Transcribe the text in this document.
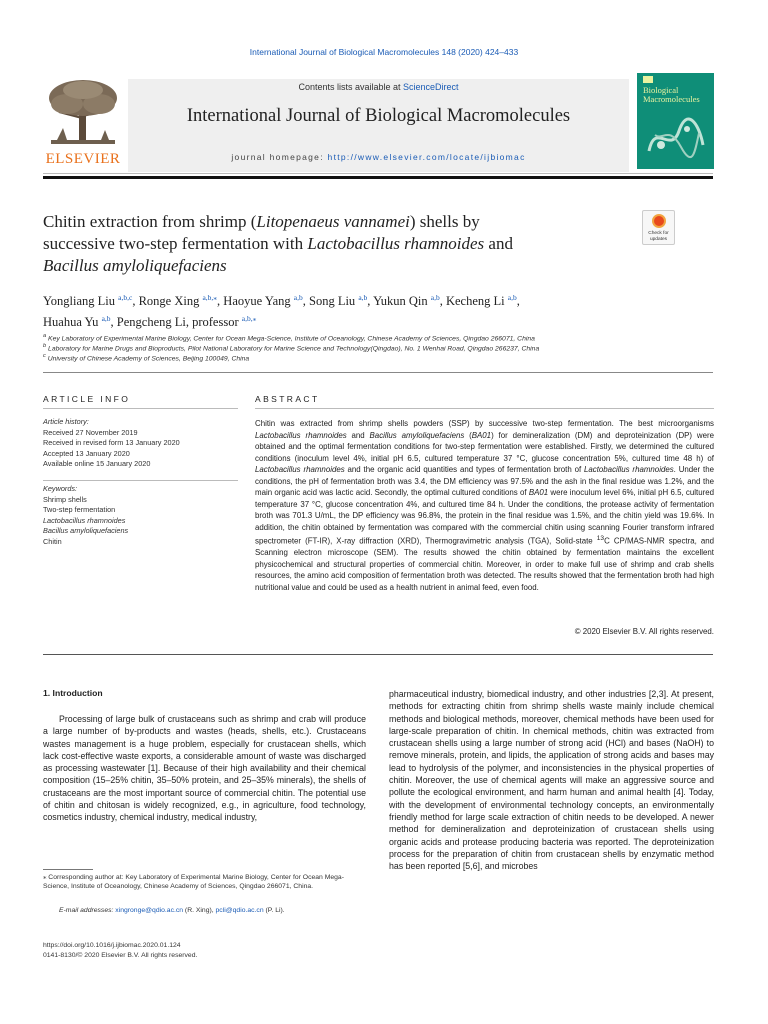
International Journal of Biological Macromolecules 148 (2020) 424–433
ELSEVIER
Contents lists available at ScienceDirect
International Journal of Biological Macromolecules
journal homepage: http://www.elsevier.com/locate/ijbiomac
Biological Macromolecules
Chitin extraction from shrimp (Litopenaeus vannamei) shells by
successive two-step fermentation with Lactobacillus rhamnoides and
Bacillus amyloliquefaciens
Check for
updates
Yongliang Liu $^{a,b,c}$, Ronge Xing $^{a,b,⁎}$, Haoyue Yang $^{a,b}$, Song Liu $^{a,b}$, Yukun Qin $^{a,b}$, Kecheng Li $^{a,b}$,
Huahua Yu $^{a,b}$, Pengcheng Li, professor $^{a,b,⁎}$
$^a$ Key Laboratory of Experimental Marine Biology, Center for Ocean Mega-Science, Institute of Oceanology, Chinese Academy of Sciences, Qingdao 266071, China
$^b$ Laboratory for Marine Drugs and Bioproducts, Pilot National Laboratory for Marine Science and Technology(Qingdao), No. 1 Wenhai Road, Qingdao 266237, China
$^c$ University of Chinese Academy of Sciences, Beijing 100049, China
ARTICLE INFO
Article history:
Received 27 November 2019
Received in revised form 13 January 2020
Accepted 13 January 2020
Available online 15 January 2020
Keywords:
Shrimp shells
Two-step fermentation
Lactobacillus rhamnoides
Bacillus amyloliquefaciens
Chitin
ABSTRACT
Chitin was extracted from shrimp shells powders (SSP) by successive two-step fermentation. The best microorganisms Lactobacillus rhamnoides and Bacillus amyloliquefaciens (BA01) for demineralization (DM) and deproteinization (DP) were obtained and the optimal fermentation conditions for two-step fermentation were established. Firstly, we determined the cultured conditions (inoculum level 4%, initial pH 6.5, cultured temperature 37 °C, glucose concentration 5%, cultured time 48 h) of Lactobacillus rhamnoides and the organic acid quantities and types of fermentation broth of Lactobacillus rhamnoides. Under the conditions, the pH of fermentation broth was 3.4, the DM efficiency was 97.5% and the ash in the final residue was 1.2%, and the main organic acid was lactic acid. Secondly, the optimal cultured conditions of BA01 were inoculum level 6%, initial pH 6.5, cultured temperature 37 °C, glucose concentration 4%, and cultured time 84 h. Under the conditions, the protease activity of fermentation broth was 701.3 U/mL, the DP efficiency was 96.8%, the protein in the final residue was 1.5%, and the chitin yield was 19.6%. In addition, the chitin obtained by fermentation was compared with the commercial chitin using scanning Fourier transform infrared spectrometer (FT-IR), X-ray diffraction (XRD), Thermogravimetric analysis (TGA), Solid-state $^{13}$C CP/MAS-NMR spectra, and Scanning electron microscope (SEM). The results showed the chitin obtained by fermentation maintains the excellent physicochemical and structural properties of commercial chitin. Moreover, in order to make full use of shrimp and crab shells resources, the amino acid composition of fermentation broth was detected. The results showed that the fermentation broth had high nutritional value and could be used as a health nutrient in animal feed, even food.
© 2020 Elsevier B.V. All rights reserved.
1. Introduction
Processing of large bulk of crustaceans such as shrimp and crab will produce a large number of by-products and wastes (heads, shells, etc.). Crustaceans wastes management is a huge problem, especially for crustacean shells, which lack cost-effective waste exports, a considerable amount of waste was discharged as processing wastewater [1]. Because of their high availability and their chemical composition (15–25% chitin, 35–50% protein, and 25–35% minerals), the shells of crustaceans are the most important source of commercial chitin. The potential use of chitin and chitosan is widely recognized, e.g., in agriculture, food technology, cosmetics industry, chemical industry, medical industry,
pharmaceutical industry, biomedical industry, and other industries [2,3]. At present, methods for extracting chitin from shrimp shells waste mainly include chemical methods and biological methods, moreover, chemical methods have been used for large-scale preparation of chitin. In chemical methods, chitin was extracted from crustacean shells using a large number of strong acid (HCl) and bases (NaOH) to remove minerals, protein, and lipids, the application of strong acids and bases may lead to hydrolysis of the polymer, and inconsistencies in the physical properties of chitin. Moreover, the use of chemical agents will make an aggressive source and pollute the ecological environment, and harm human and animal health [4]. Today, with the development of environmental technology concepts, an environmentally friendly method for large scale extraction of chitin needs to be developed. A newer method for demineralization and deproteinization of crustacean shells using organic acids and protease producing bacteria was reported. The deproteinization process for the preparation of chitin from crustacean shells by enzymatic method has been reported [5,6], and microbes
⁎ Corresponding author at: Key Laboratory of Experimental Marine Biology, Center for Ocean Mega-Science, Institute of Oceanology, Chinese Academy of Sciences, Qingdao 266071, China.
E-mail addresses: xingronge@qdio.ac.cn (R. Xing), pcli@qdio.ac.cn (P. Li).
https://doi.org/10.1016/j.ijbiomac.2020.01.124
0141-8130/© 2020 Elsevier B.V. All rights reserved.
